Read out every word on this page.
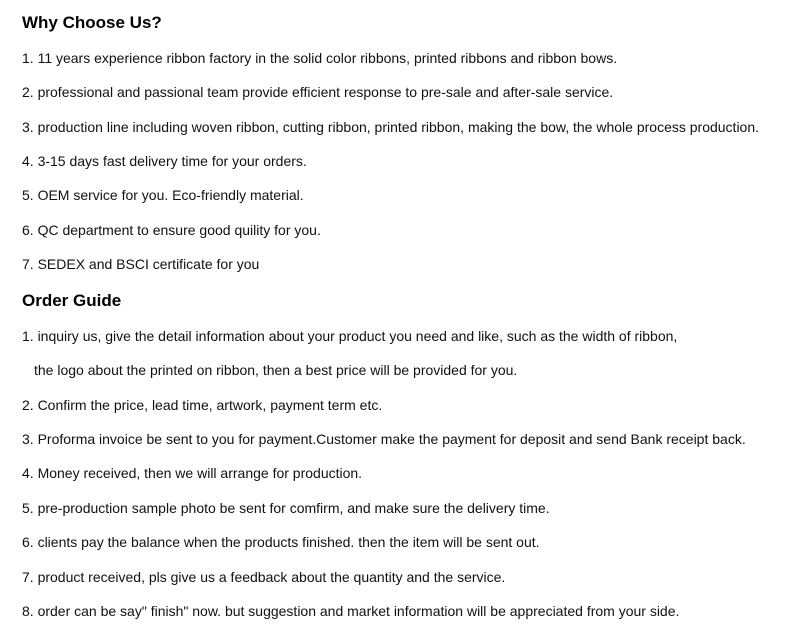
Why Choose Us?

1. 11 years experience ribbon factory in the solid color ribbons, printed ribbons and ribbon bows.

2. professional and passional team provide efficient response to pre-sale and after-sale service.

3. production line including woven ribbon, cutting ribbon, printed ribbon, making the bow, the whole process production.

4. 3-15 days fast delivery time for your orders.

5. OEM service for you. Eco-friendly material.

6. QC department to ensure good quility for you.

7. SEDEX and BSCI certificate for you

Order Guide

1. inquiry us, give the detail information about your product you need and like, such as the width of ribbon,

the logo about the printed on ribbon, then a best price will be provided for you.

2. Confirm the price, lead time, artwork, payment term etc.

3. Proforma invoice be sent to you for payment.Customer make the payment for deposit and send Bank receipt back.

4. Money received, then we will arrange for production.

5. pre-production sample photo be sent for comfirm, and make sure the delivery time.

6. clients pay the balance when the products finished. then the item will be sent out.

7. product received, pls give us a feedback about the quantity and the service.

8. order can be say" finish" now. but suggestion and market information will be appreciated from your side.
